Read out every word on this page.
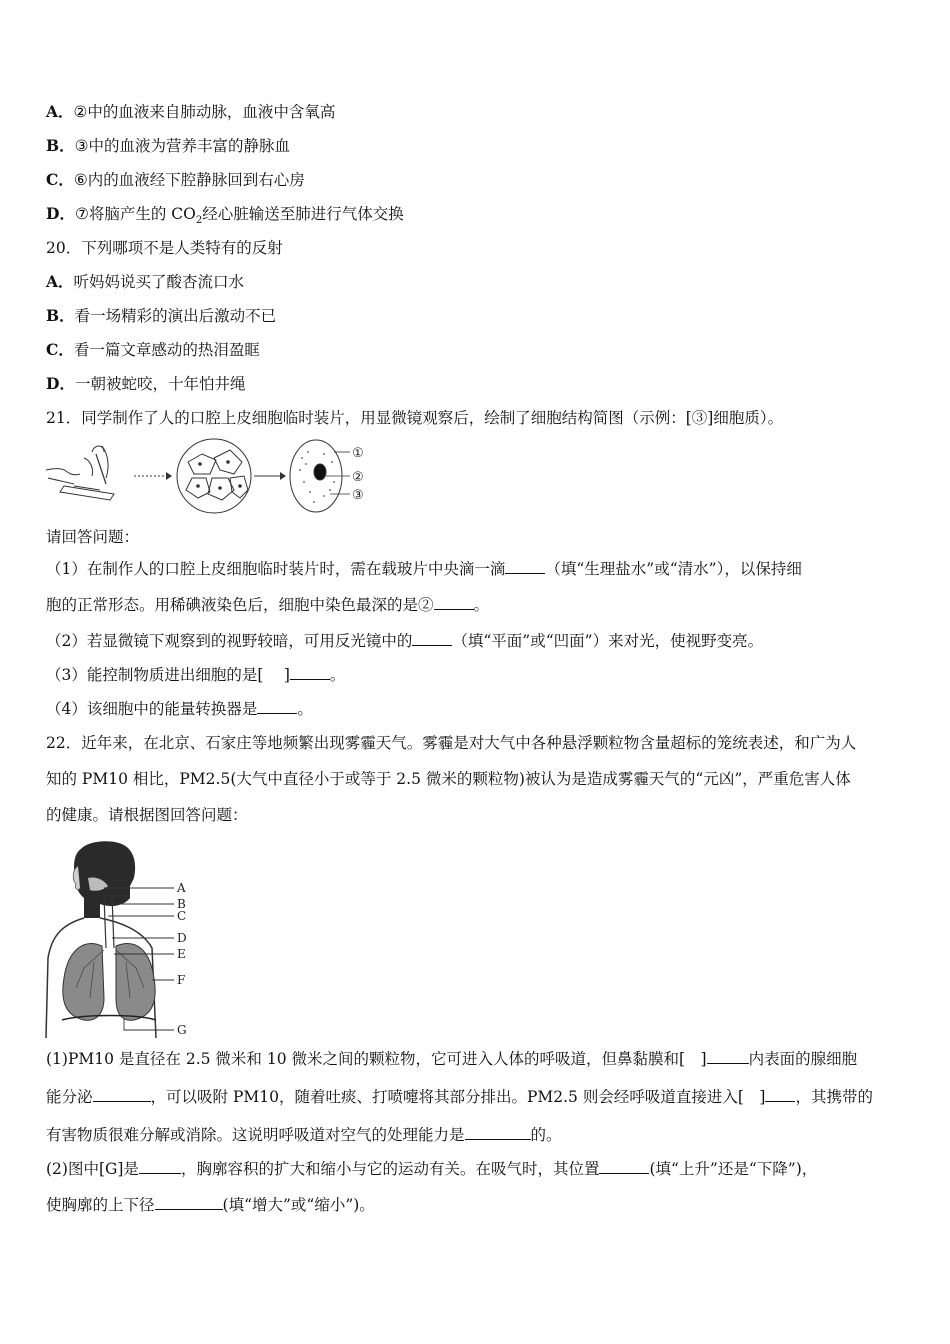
A．②中的血液来自肺动脉，血液中含氧高
B．③中的血液为营养丰富的静脉血
C．⑥内的血液经下腔静脉回到右心房
D．⑦将脑产生的 $CO_2$经心脏输送至肺进行气体交换
20．下列哪项不是人类特有的反射
A．听妈妈说买了酸杏流口水
B．看一场精彩的演出后激动不已
C．看一篇文章感动的热泪盈眶
D．一朝被蛇咬，十年怕井绳
21．同学制作了人的口腔上皮细胞临时装片，用显微镜观察后，绘制了细胞结构简图（示例：[③]细胞质）。
①
②
③
请回答问题：
（1）在制作人的口腔上皮细胞临时装片时，需在载玻片中央滴一滴	（填“生理盐水”或“清水”），以保持细
胞的正常形态。用稀碘液染色后，细胞中染色最深的是②	。
（2）若显微镜下观察到的视野较暗，可用反光镜中的	（填“平面”或“凹面”）来对光，使视野变亮。
（3）能控制物质进出细胞的是[　 ]	。
（4）该细胞中的能量转换器是	。
22．近年来，在北京、石家庄等地频繁出现雾霾天气。雾霾是对大气中各种悬浮颗粒物含量超标的笼统表述，和广为人
知的 PM10 相比，PM2.5(大气中直径小于或等于 2.5 微米的颗粒物)被认为是造成雾霾天气的“元凶”，严重危害人体
的健康。请根据图回答问题：
A
B
C
D
E
F
G
(1)PM10 是直径在 2.5 微米和 10 微米之间的颗粒物，它可进入人体的呼吸道，但鼻黏膜和[　]	内表面的腺细胞
能分泌	，可以吸附 PM10，随着吐痰、打喷嚏将其部分排出。PM2.5 则会经呼吸道直接进入[　] ，其携带的
有害物质很难分解或消除。这说明呼吸道对空气的处理能力是	的。
(2)图中[G]是	，胸廓容积的扩大和缩小与它的运动有关。在吸气时，其位置	(填“上升”还是“下降”)，
使胸廓的上下径	(填“增大”或“缩小”)。
